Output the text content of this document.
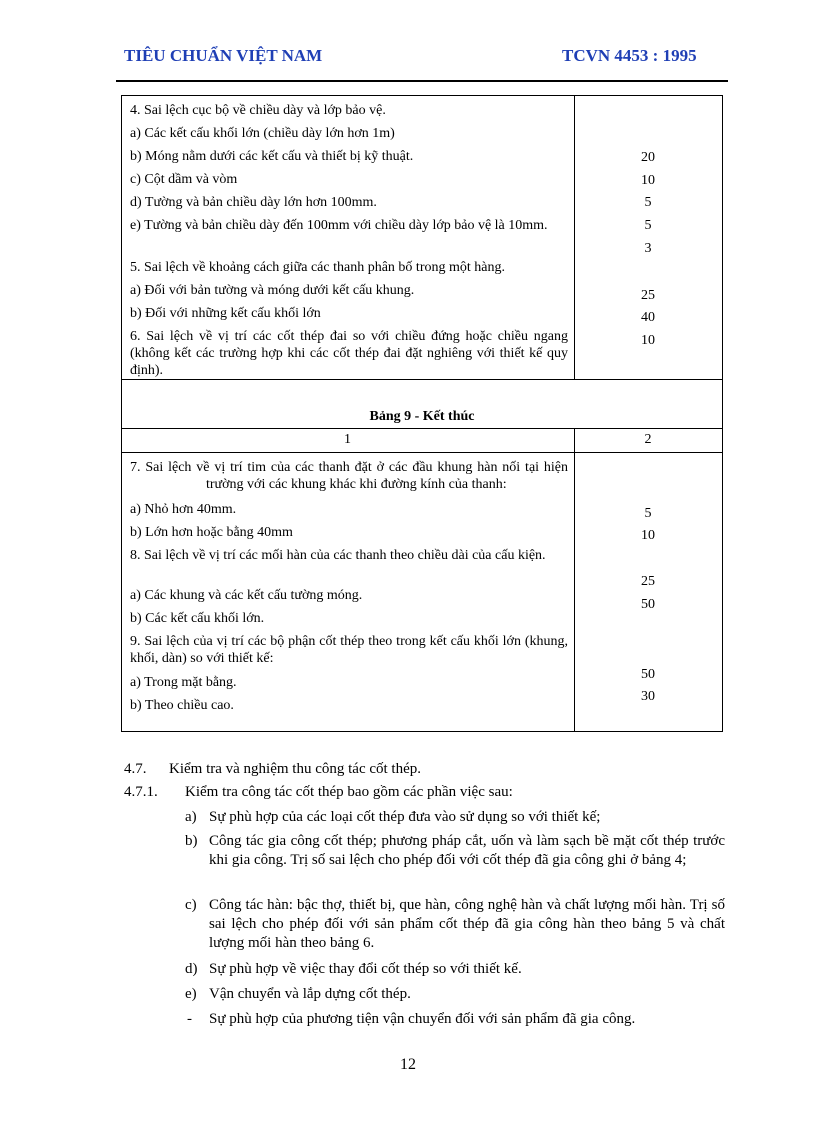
TIÊU CHUẨN VIỆT NAM	TCVN 4453 : 1995
4. Sai lệch cục bộ về chiều dày và lớp bảo vệ.
a) Các kết cấu khối lớn (chiều dày lớn hơn 1m)
b) Móng nằm dưới các kết cấu và thiết bị kỹ thuật.
c) Cột dầm và vòm
d) Tường và bản chiều dày lớn hơn 100mm.
e) Tường và bản chiều dày đến 100mm với chiều dày lớp bảo vệ là 10mm.
5. Sai lệch về khoảng cách giữa các thanh phân bố trong một hàng.
a) Đối với bản tường và móng dưới kết cấu khung.
b) Đối với những kết cấu khối lớn
6. Sai lệch về vị trí các cốt thép đai so với chiều đứng hoặc chiều ngang (không kết các trường hợp khi các cốt thép đai đặt nghiêng với thiết kế quy định).
20
10
5
5
3
25
40
10
Bảng 9 - Kết thúc
1	2
7. Sai lệch về vị trí tim của các thanh đặt ở các đầu khung hàn nối tại hiện
trường với các khung khác khi đường kính của thanh:
a) Nhỏ hơn 40mm.
b) Lớn hơn hoặc bằng 40mm
8. Sai lệch về vị trí các mối hàn của các thanh theo chiều dài của cấu kiện.
a) Các khung và các kết cấu tường móng.
b) Các kết cấu khối lớn.
9. Sai lệch của vị trí các bộ phận cốt thép theo trong kết cấu khối lớn (khung, khối, dàn) so với thiết kế:
a) Trong mặt bằng.
b) Theo chiều cao.
5
10
25
50
50
30
4.7. Kiểm tra và nghiệm thu công tác cốt thép.
4.7.1. Kiểm tra công tác cốt thép bao gồm các phần việc sau:
a) Sự phù hợp của các loại cốt thép đưa vào sử dụng so với thiết kế;
b) Công tác gia công cốt thép; phương pháp cắt, uốn và làm sạch bề mặt cốt thép trước khi gia công. Trị số sai lệch cho phép đối với cốt thép đã gia công ghi ở bảng 4;
c) Công tác hàn: bậc thợ, thiết bị, que hàn, công nghệ hàn và chất lượng mối hàn. Trị số sai lệch cho phép đối với sản phẩm cốt thép đã gia công hàn theo bảng 5 và chất lượng mối hàn theo bảng 6.
d) Sự phù hợp về việc thay đổi cốt thép so với thiết kế.
e) Vận chuyển và lắp dựng cốt thép.
- Sự phù hợp của phương tiện vận chuyển đối với sản phẩm đã gia công.
12
